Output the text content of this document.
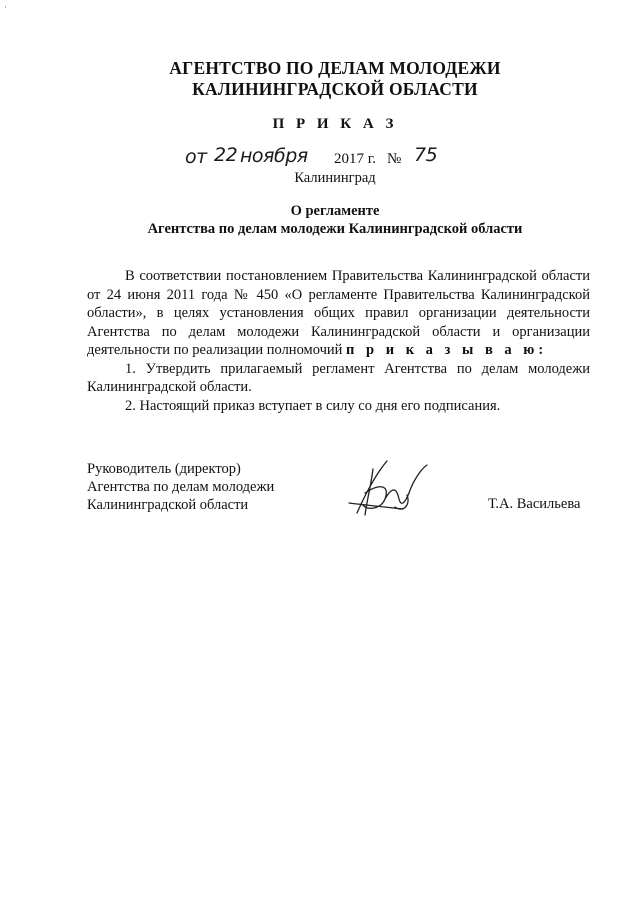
·
АГЕНТСТВО ПО ДЕЛАМ МОЛОДЕЖИ
КАЛИНИНГРАДСКОЙ ОБЛАСТИ
П Р И К А З
от 22 ноября 2017 г. № 75
Калининград
О регламенте
Агентства по делам молодежи Калининградской области

В соответствии постановлением Правительства Калининградской области от 24 июня 2011 года № 450 «О регламенте Правительства Калининградской области», в целях установления общих правил организации деятельности Агентства по делам молодежи Калининградской области и организации деятельности по реализации полномочий п р и к а з ы в а ю:

1. Утвердить прилагаемый регламент Агентства по делам молодежи Калининградской области.

2. Настоящий приказ вступает в силу со дня его подписания.

Руководитель (директор)
Агентства по делам молодежи
Калининградской области	Т.А. Васильева
